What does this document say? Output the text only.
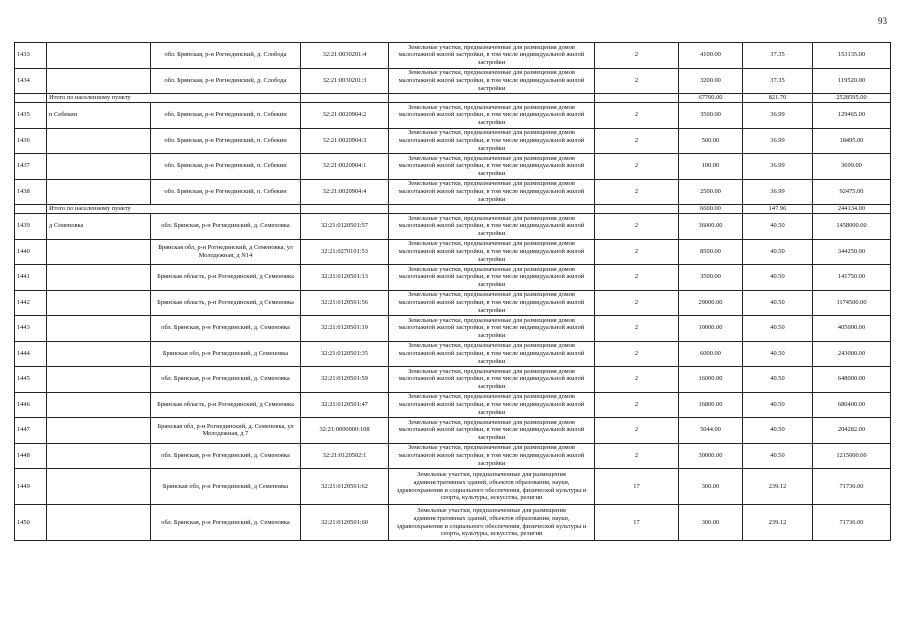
93
1433		обл. Брянская, р-н Рогнединский, д. Слобода	32:21:0030201:4	Земельные участки, предназначенные для размещения домов малоэтажной жилой застройки, в том числе индивидуальной жилой застройки	2	4100.00	37.35	153135.00
1434		обл. Брянская, р-н Рогнединский, д. Слобода	32:21:0030201:3	Земельные участки, предназначенные для размещения домов малоэтажной жилой застройки, в том числе индивидуальной жилой застройки	2	3200.00	37.35	119520.00
	Итого по населенному пункту					67700.00	821.70	2528595.00
1435	п Себекин	обл. Брянская, р-н Рогнединский, п. Себекин	32:21:0020904:2	Земельные участки, предназначенные для размещения домов малоэтажной жилой застройки, в том числе индивидуальной жилой застройки	2	3500.00	36.99	129465.00
1436		обл. Брянская, р-н Рогнединский, п. Себекин	32:21:0020904:3	Земельные участки, предназначенные для размещения домов малоэтажной жилой застройки, в том числе индивидуальной жилой застройки	2	500.00	36.99	18495.00
1437		обл. Брянская, р-н Рогнединский, п. Себекин	32:21:0020904:1	Земельные участки, предназначенные для размещения домов малоэтажной жилой застройки, в том числе индивидуальной жилой застройки	2	100.00	36.99	3699.00
1438		обл. Брянская, р-н Рогнединский, п. Себекин	32:21:0020904:4	Земельные участки, предназначенные для размещения домов малоэтажной жилой застройки, в том числе индивидуальной жилой застройки	2	2500.00	36.99	92475.00
	Итого по населенному пункту					6600.00	147.96	244134.00
1439	д Семеновка	обл. Брянская, р-н Рогнединский, д. Семеновка	32:21:0120501:57	Земельные участки, предназначенные для размещения домов малоэтажной жилой застройки, в том числе индивидуальной жилой застройки	2	36000.00	40.50	1458000.00
1440		Брянская обл, р-н Рогнединский, д Семеновка, ул Молодежная, д N14	32:21:0270101:53	Земельные участки, предназначенные для размещения домов малоэтажной жилой застройки, в том числе индивидуальной жилой застройки	2	8500.00	40.50	344250.00
1441		Брянская область, р-н Рогнединский, д Семеновка	32:21:0120501:13	Земельные участки, предназначенные для размещения домов малоэтажной жилой застройки, в том числе индивидуальной жилой застройки	2	3500.00	40.50	141750.00
1442		Брянская область, р-н Рогнединский, д Семеновка	32:21:0120501:56	Земельные участки, предназначенные для размещения домов малоэтажной жилой застройки, в том числе индивидуальной жилой застройки	2	29000.00	40.50	1174500.00
1443		обл. Брянская, р-н Рогнединский, д. Семеновка	32:21:0120501:19	Земельные участки, предназначенные для размещения домов малоэтажной жилой застройки, в том числе индивидуальной жилой застройки	2	10000.00	40.50	405000.00
1444		Брянская обл, р-н Рогнединский, д Семеновка	32:21:0120501:35	Земельные участки, предназначенные для размещения домов малоэтажной жилой застройки, в том числе индивидуальной жилой застройки	2	6000.00	40.50	243000.00
1445		обл. Брянская, р-н Рогнединский, д. Семеновка	32:21:0120501:59	Земельные участки, предназначенные для размещения домов малоэтажной жилой застройки, в том числе индивидуальной жилой застройки	2	16000.00	40.50	648000.00
1446		Брянская область, р-н Рогнединский, д Семеновка	32:21:0120501:47	Земельные участки, предназначенные для размещения домов малоэтажной жилой застройки, в том числе индивидуальной жилой застройки	2	16800.00	40.50	680400.00
1447		Брянская обл, р-н Рогнединский, д. Семеновка, ул Молодежная, д 7	32:21:0000000:108	Земельные участки, предназначенные для размещения домов малоэтажной жилой застройки, в том числе индивидуальной жилой застройки	2	5044.00	40.50	204282.00
1448		обл. Брянская, р-н Рогнединский, д. Семеновка	32:21:0120502:1	Земельные участки, предназначенные для размещения домов малоэтажной жилой застройки, в том числе индивидуальной жилой застройки	2	30000.00	40.50	1215000.00
1449		Брянская обл, р-н Рогнединский, д Семеновка	32:21:0120501:62	Земельные участки, предназначенные для размещения административных зданий, объектов образования, науки, здравоохранения и социального обеспечения, физической культуры и спорта, культуры, искусства, религии	17	300.00	239.12	71736.00
1450		обл. Брянская, р-н Рогнединский, д. Семеновка	32:21:0120501:60	Земельные участки, предназначенные для размещения административных зданий, объектов образования, науки, здравоохранения и социального обеспечения, физической культуры и спорта, культуры, искусства, религии	17	300.00	239.12	71736.00
